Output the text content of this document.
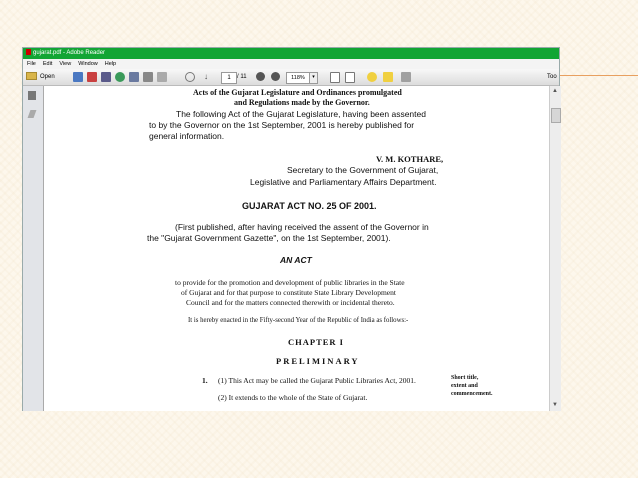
gujarat.pdf - Adobe Reader
File Edit View Window Help
Open	↓	1	/ 11	118%	▾	Too
Acts of the Gujarat Legislature and Ordinances promulgated
and Regulations made by the Governor.
The following Act of the Gujarat Legislature, having been assented
to by the Governor on the 1st September, 2001 is hereby published for
general information.
V. M. KOTHARE,
Secretary to the Government of Gujarat,
Legislative and Parliamentary Affairs Department.
GUJARAT ACT NO. 25 OF 2001.
(First published, after having received the assent of the Governor in
the "Gujarat Government Gazette", on the 1st September, 2001).
AN ACT
to provide for the promotion and development of public libraries in the State
of Gujarat and for that purpose to constitute State Library Development
Council and for the matters connected therewith or incidental thereto.
It is hereby enacted in the Fifty-second Year of the Republic of India as follows:-
CHAPTER I
PRELIMINARY
1. (1) This Act may be called the Gujarat Public Libraries Act, 2001.
(2) It extends to the whole of the State of Gujarat.
Short title,
extent and
commencement.
▲
▼
